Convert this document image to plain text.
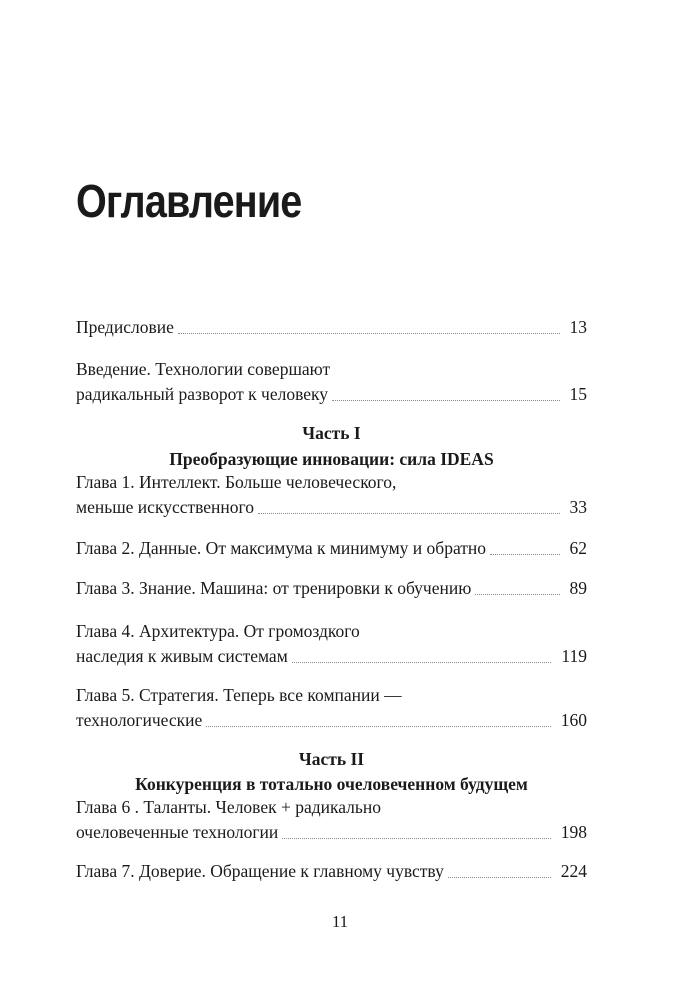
Оглавление
Предисловие	13
Введение. Технологии совершают
радикальный разворот к человеку	15
Часть I
Преобразующие инновации: сила IDEAS
Глава 1. Интеллект. Больше человеческого,
меньше искусственного	33
Глава 2. Данные. От максимума к минимуму и обратно	62
Глава 3. Знание. Машина: от тренировки к обучению	89
Глава 4. Архитектура. От громоздкого
наследия к живым системам	119
Глава 5. Стратегия. Теперь все компании —
технологические	160
Часть II
Конкуренция в тотально очеловеченном будущем
Глава 6 . Таланты. Человек + радикально
очеловеченные технологии	198
Глава 7. Доверие. Обращение к главному чувству	224
11
